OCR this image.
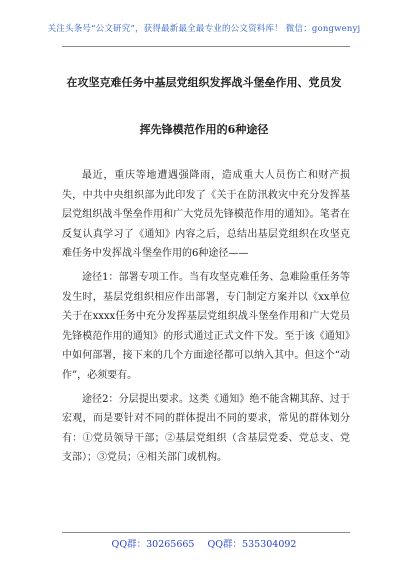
关注头条号“公文研究”，获得最新最全最专业的公文资料库！ 微信：gongwenyj
在攻坚克难任务中基层党组织发挥战斗堡垒作用、党员发
挥先锋模范作用的6种途径

最近，重庆等地遭遇强降雨，造成重大人员伤亡和财产损失，中共中央组织部为此印发了《关于在防汛救灾中充分发挥基层党组织战斗堡垒作用和广大党员先锋模范作用的通知》。笔者在反复认真学习了《通知》内容之后，总结出基层党组织在攻坚克难任务中发挥战斗堡垒作用的6种途径——

途径1：部署专项工作。当有攻坚克难任务、急难险重任务等发生时，基层党组织相应作出部署，专门制定方案并以《xx单位关于在xxxx任务中充分发挥基层党组织战斗堡垒作用和广大党员先锋模范作用的通知》的形式通过正式文件下发。至于该《通知》中如何部署，接下来的几个方面途径都可以纳入其中。但这个“动作”，必须要有。

途径2：分层提出要求。这类《通知》绝不能含糊其辞、过于宏观，而是要针对不同的群体提出不同的要求，常见的群体划分有：①党员领导干部；②基层党组织（含基层党委、党总支、党支部）；③党员；④相关部门或机构。

QQ群：30265665 QQ群：535304092
